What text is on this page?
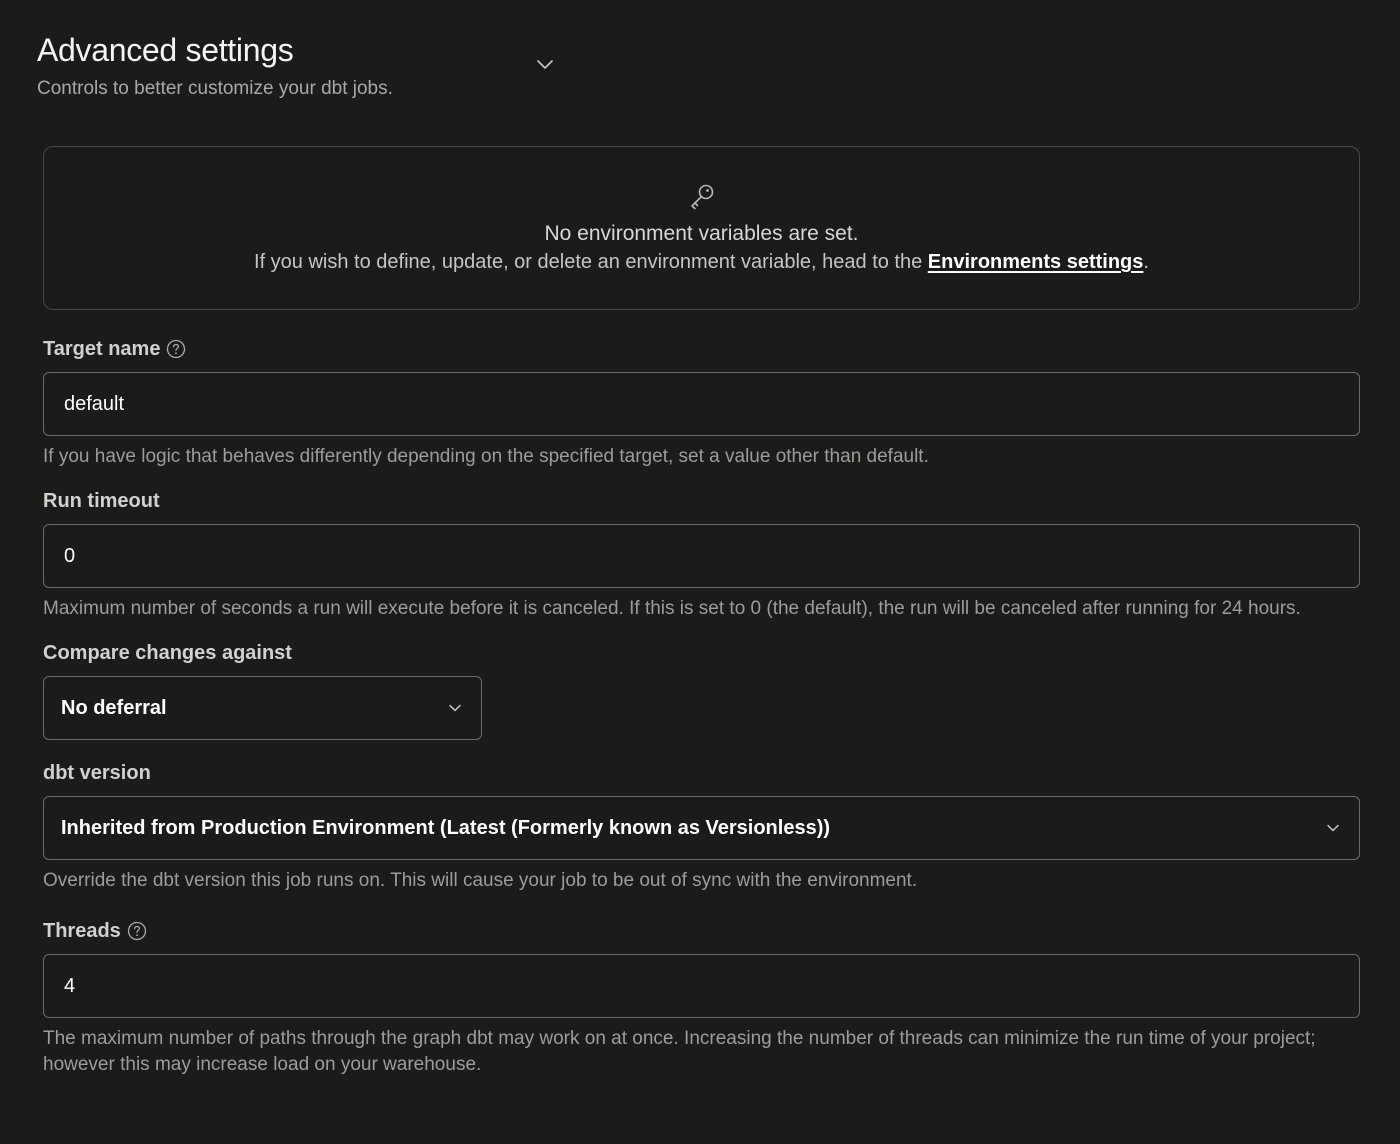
Advanced settings

Controls to better customize your dbt jobs.

No environment variables are set.
If you wish to define, update, or delete an environment variable, head to the Environments settings.
Target name
default
If you have logic that behaves differently depending on the specified target, set a value other than default.
Run timeout
0
Maximum number of seconds a run will execute before it is canceled. If this is set to 0 (the default), the run will be canceled after running for 24 hours.
Compare changes against
No deferral
dbt version
Inherited from Production Environment (Latest (Formerly known as Versionless))
Override the dbt version this job runs on. This will cause your job to be out of sync with the environment.
Threads
4
The maximum number of paths through the graph dbt may work on at once. Increasing the number of threads can minimize the run time of your project; however this may increase load on your warehouse.
